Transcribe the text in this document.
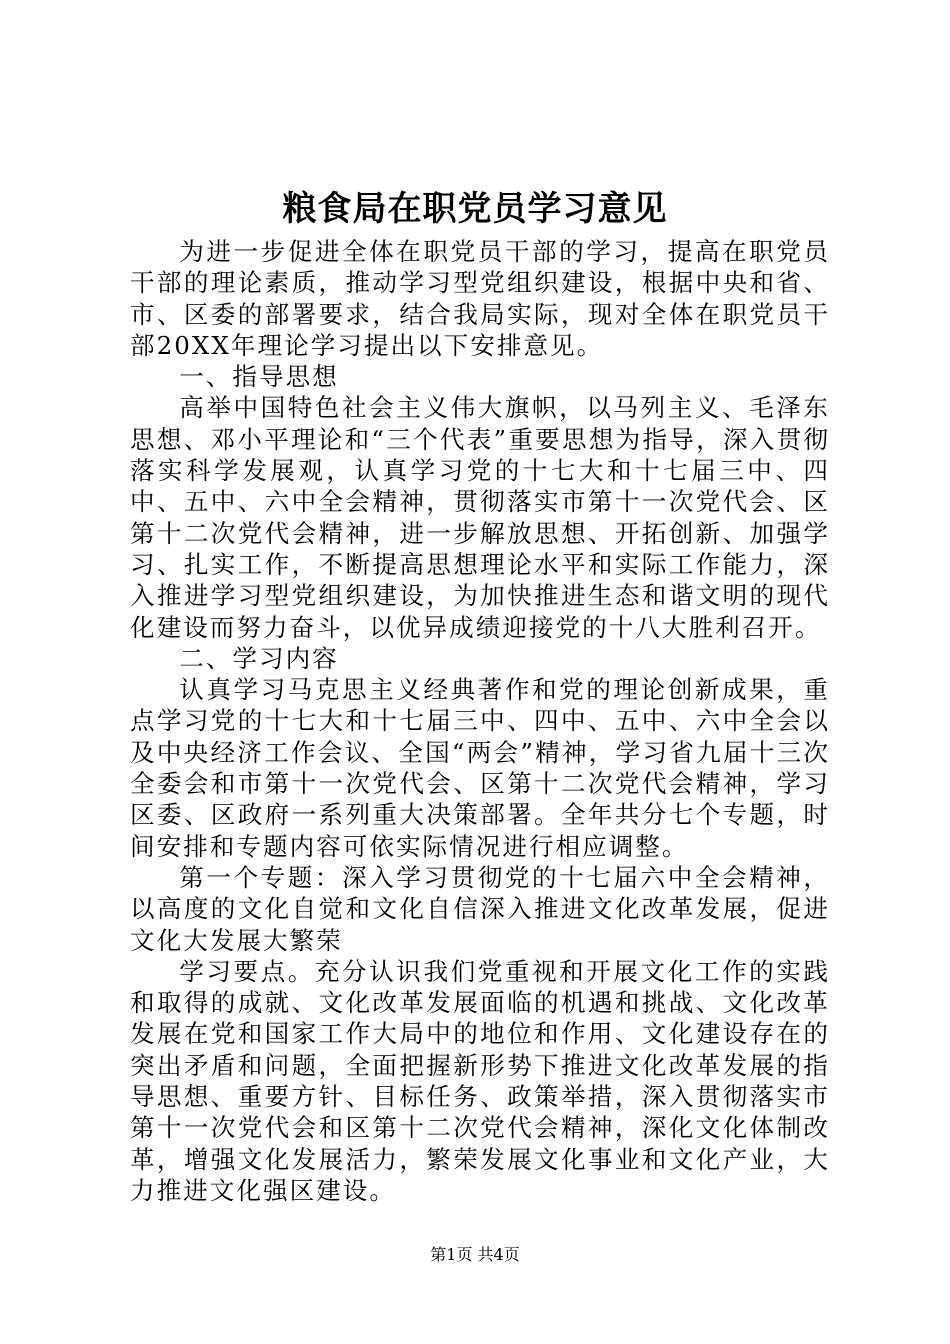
粮食局在职党员学习意见

为进一步促进全体在职党员干部的学习，提高在职党员干部的理论素质，推动学习型党组织建设，根据中央和省、市、区委的部署要求，结合我局实际，现对全体在职党员干部20XX年理论学习提出以下安排意见。

一、指导思想

高举中国特色社会主义伟大旗帜，以马列主义、毛泽东思想、邓小平理论和“三个代表”重要思想为指导，深入贯彻落实科学发展观，认真学习党的十七大和十七届三中、四中、五中、六中全会精神，贯彻落实市第十一次党代会、区第十二次党代会精神，进一步解放思想、开拓创新、加强学习、扎实工作，不断提高思想理论水平和实际工作能力，深入推进学习型党组织建设，为加快推进生态和谐文明的现代化建设而努力奋斗，以优异成绩迎接党的十八大胜利召开。

二、学习内容

认真学习马克思主义经典著作和党的理论创新成果，重点学习党的十七大和十七届三中、四中、五中、六中全会以及中央经济工作会议、全国“两会”精神，学习省九届十三次全委会和市第十一次党代会、区第十二次党代会精神，学习区委、区政府一系列重大决策部署。全年共分七个专题，时间安排和专题内容可依实际情况进行相应调整。

第一个专题：深入学习贯彻党的十七届六中全会精神，以高度的文化自觉和文化自信深入推进文化改革发展，促进文化大发展大繁荣

学习要点。充分认识我们党重视和开展文化工作的实践和取得的成就、文化改革发展面临的机遇和挑战、文化改革发展在党和国家工作大局中的地位和作用、文化建设存在的突出矛盾和问题，全面把握新形势下推进文化改革发展的指导思想、重要方针、目标任务、政策举措，深入贯彻落实市第十一次党代会和区第十二次党代会精神，深化文化体制改革，增强文化发展活力，繁荣发展文化事业和文化产业，大力推进文化强区建设。

第1页 共4页
